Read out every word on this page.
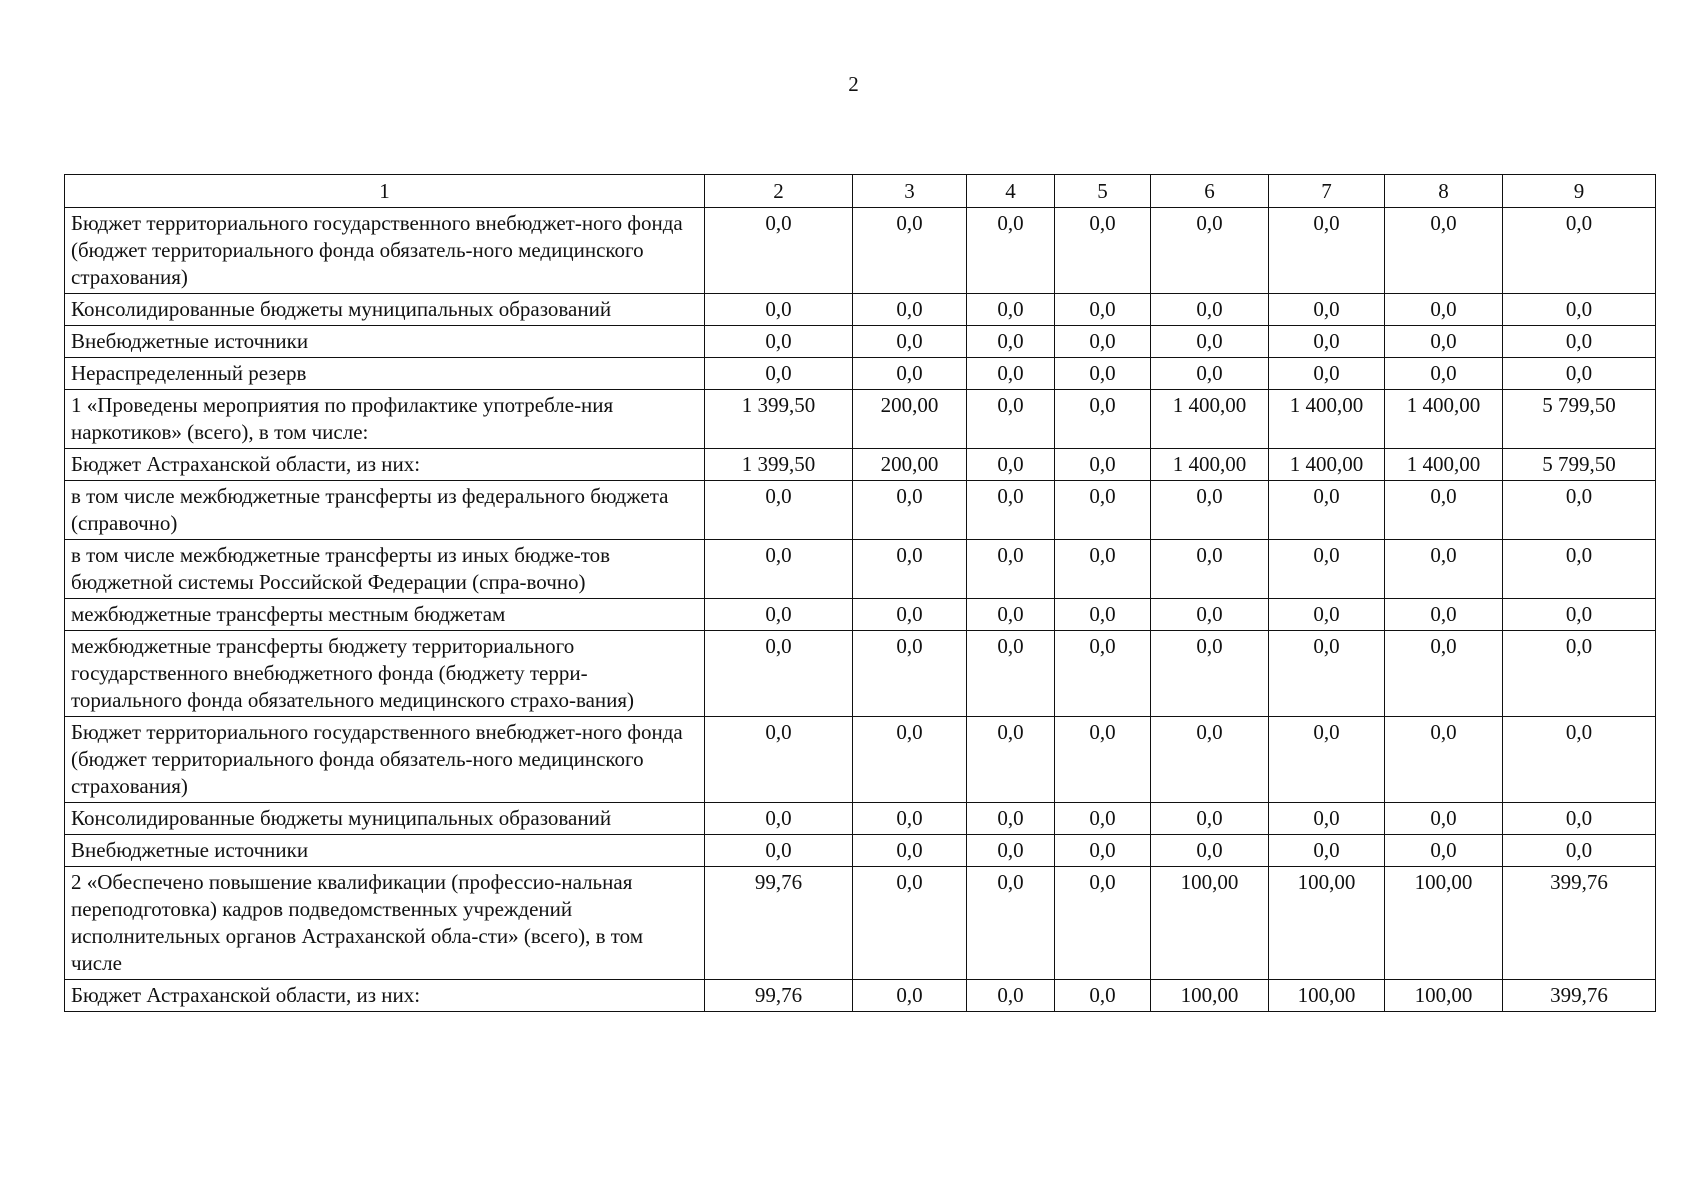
2
1	2	3	4	5	6	7	8	9
Бюджет территориального государственного внебюджет-ного фонда (бюджет территориального фонда обязатель-ного медицинского страхования)	0,0	0,0	0,0	0,0	0,0	0,0	0,0	0,0
Консолидированные бюджеты муниципальных образований	0,0	0,0	0,0	0,0	0,0	0,0	0,0	0,0
Внебюджетные источники	0,0	0,0	0,0	0,0	0,0	0,0	0,0	0,0
Нераспределенный резерв	0,0	0,0	0,0	0,0	0,0	0,0	0,0	0,0
1 «Проведены мероприятия по профилактике употребле-ния наркотиков» (всего), в том числе:	1 399,50	200,00	0,0	0,0	1 400,00	1 400,00	1 400,00	5 799,50
Бюджет Астраханской области, из них:	1 399,50	200,00	0,0	0,0	1 400,00	1 400,00	1 400,00	5 799,50
в том числе межбюджетные трансферты из федерального бюджета (справочно)	0,0	0,0	0,0	0,0	0,0	0,0	0,0	0,0
в том числе межбюджетные трансферты из иных бюдже-тов бюджетной системы Российской Федерации (спра-вочно)	0,0	0,0	0,0	0,0	0,0	0,0	0,0	0,0
межбюджетные трансферты местным бюджетам	0,0	0,0	0,0	0,0	0,0	0,0	0,0	0,0
межбюджетные трансферты бюджету территориального государственного внебюджетного фонда (бюджету терри-ториального фонда обязательного медицинского страхо-вания)	0,0	0,0	0,0	0,0	0,0	0,0	0,0	0,0
Бюджет территориального государственного внебюджет-ного фонда (бюджет территориального фонда обязатель-ного медицинского страхования)	0,0	0,0	0,0	0,0	0,0	0,0	0,0	0,0
Консолидированные бюджеты муниципальных образований	0,0	0,0	0,0	0,0	0,0	0,0	0,0	0,0
Внебюджетные источники	0,0	0,0	0,0	0,0	0,0	0,0	0,0	0,0
2 «Обеспечено повышение квалификации (профессио-нальная переподготовка) кадров подведомственных учреждений исполнительных органов Астраханской обла-сти» (всего), в том числе	99,76	0,0	0,0	0,0	100,00	100,00	100,00	399,76
Бюджет Астраханской области, из них:	99,76	0,0	0,0	0,0	100,00	100,00	100,00	399,76
